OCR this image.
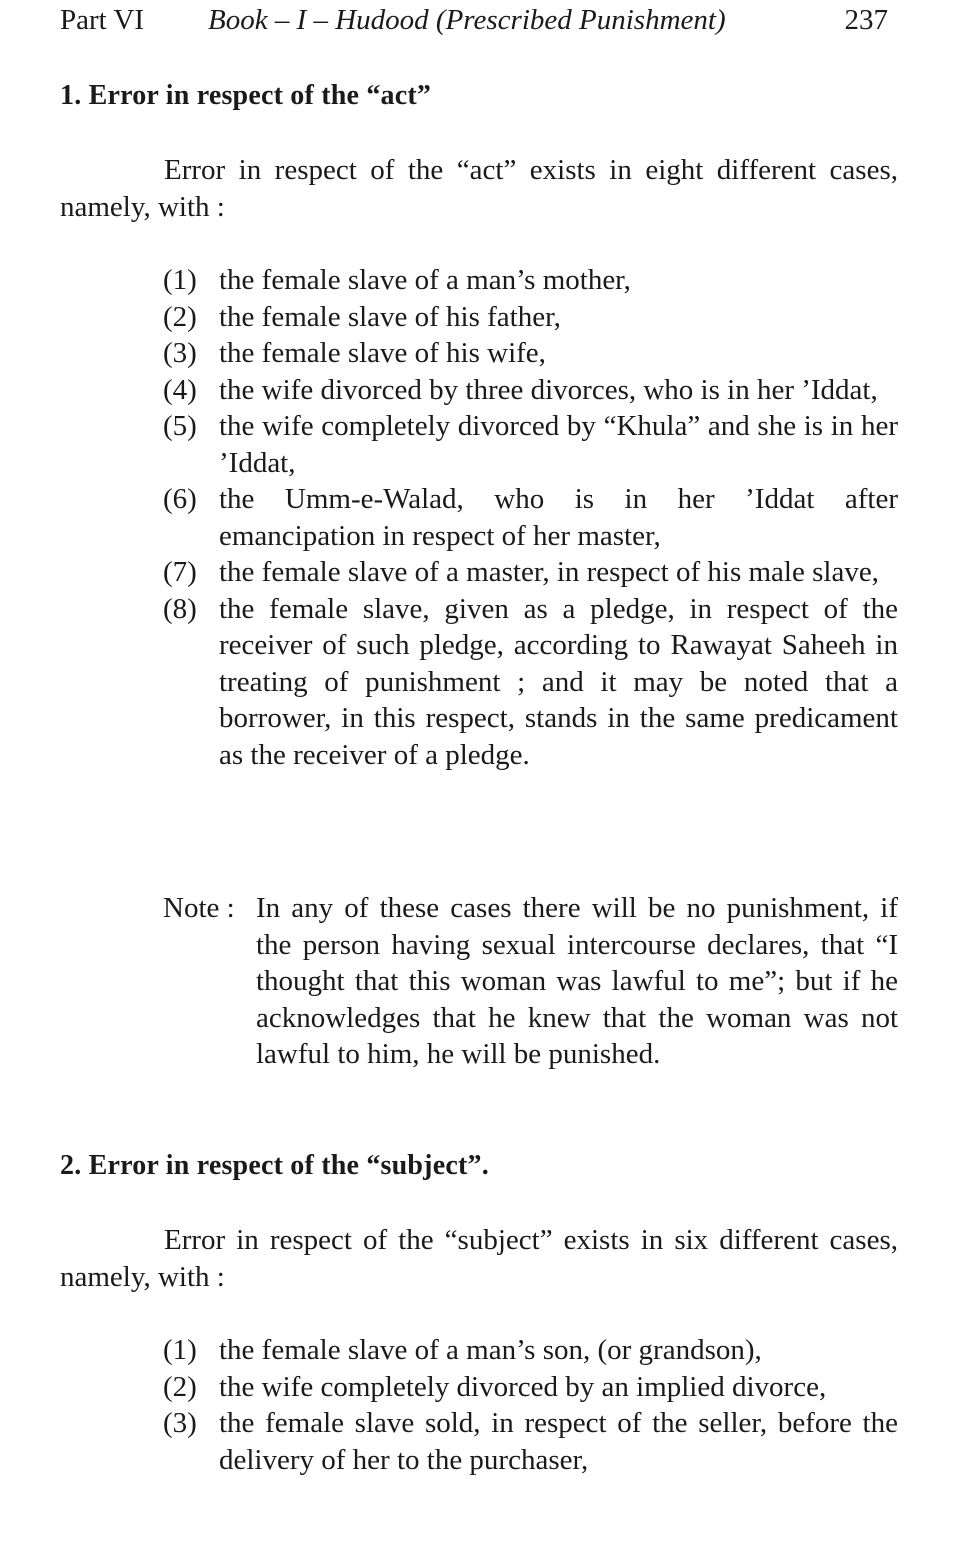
Part VI Book – I – Hudood (Prescribed Punishment)	237
1. Error in respect of the “act”
Error in respect of the “act” exists in eight different cases, namely, with :
(1) the female slave of a man’s mother,
(2) the female slave of his father,
(3) the female slave of his wife,
(4) the wife divorced by three divorces, who is in her ’Iddat,
(5) the wife completely divorced by “Khula” and she is in her ’Iddat,
(6) the Umm-e-Walad, who is in her ’Iddat after emancipation in respect of her master,
(7) the female slave of a master, in respect of his male slave,
(8) the female slave, given as a pledge, in respect of the receiver of such pledge, according to Rawayat Saheeh in treating of punishment ; and it may be noted that a borrower, in this respect, stands in the same predicament as the receiver of a pledge.
Note : In any of these cases there will be no punishment, if the person having sexual intercourse declares, that “I thought that this woman was lawful to me”; but if he acknowledges that he knew that the woman was not lawful to him, he will be punished.
2. Error in respect of the “subject”.
Error in respect of the “subject” exists in six different cases, namely, with :
(1) the female slave of a man’s son, (or grandson),
(2) the wife completely divorced by an implied divorce,
(3) the female slave sold, in respect of the seller, before the delivery of her to the purchaser,
